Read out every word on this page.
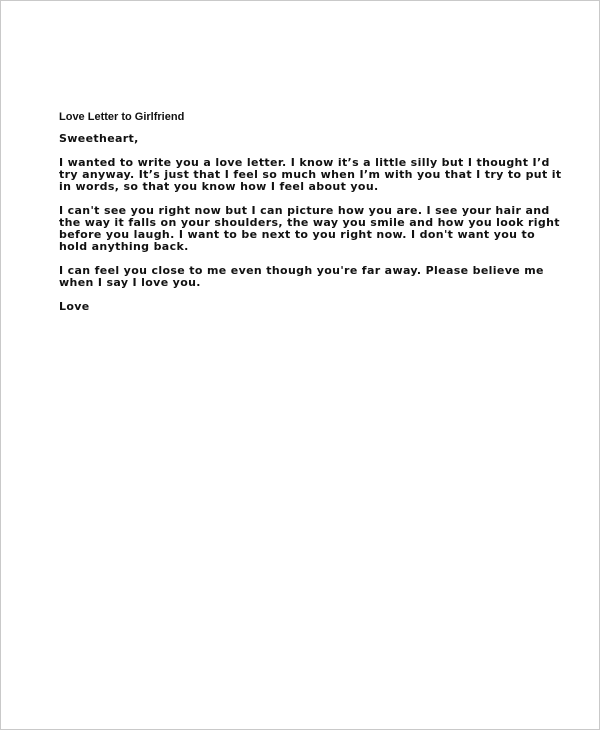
Love Letter to Girlfriend
Sweetheart,

I wanted to write you a love letter. I know it’s a little silly but I thought I’d try anyway. It’s just that I feel so much when I’m with you that I try to put it in words, so that you know how I feel about you.

I can't see you right now but I can picture how you are. I see your hair and the way it falls on your shoulders, the way you smile and how you look right before you laugh. I want to be next to you right now. I don't want you to hold anything back.

I can feel you close to me even though you're far away. Please believe me when I say I love you.

Love
